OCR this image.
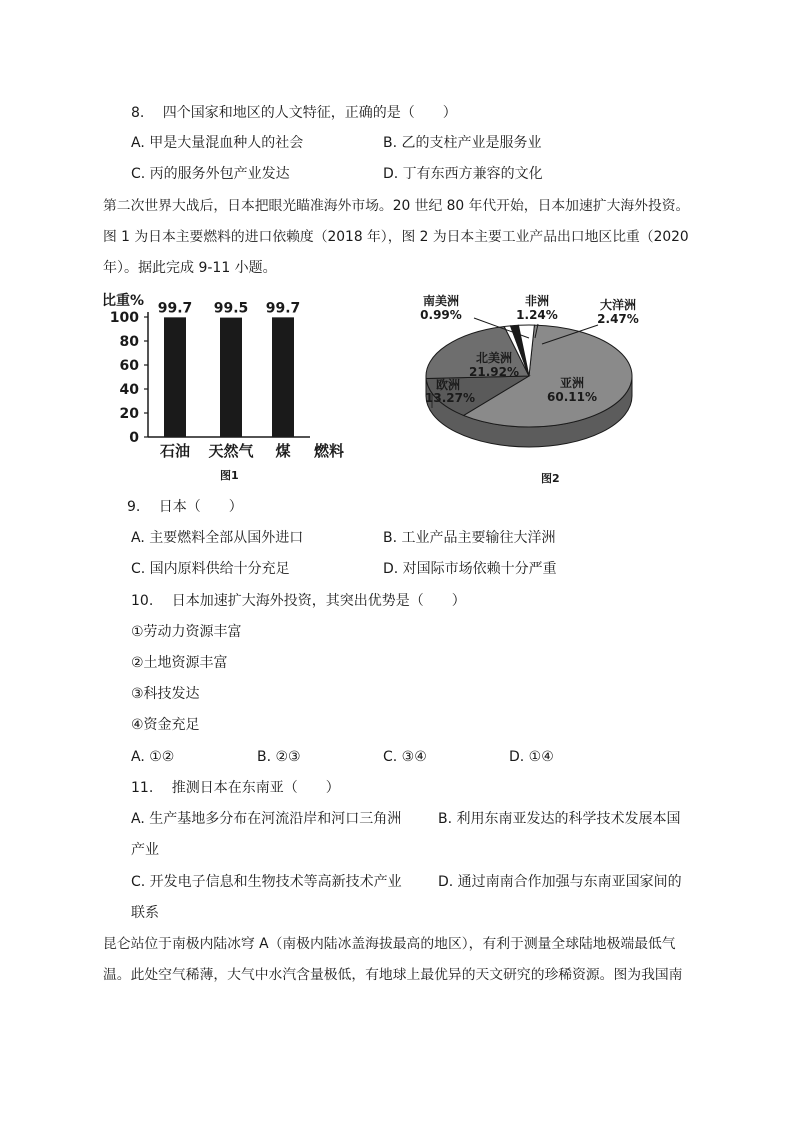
8.　 四个国家和地区的人文特征，正确的是（　　）
A. 甲是大量混血种人的社会	B. 乙的支柱产业是服务业
C. 丙的服务外包产业发达	D. 丁有东西方兼容的文化
第二次世界大战后，日本把眼光瞄准海外市场。20 世纪 80 年代开始，日本加速扩大海外投资。
图 1 为日本主要燃料的进口依赖度（2018 年），图 2 为日本主要工业产品出口地区比重（2020
年）。据此完成 9-11 小题。
比重%
100
80
60
40
20
0
99.7
石油
99.5
天然气
99.7
煤 燃料
图1
亚洲
60.11%
欧洲
13.27%
北美洲
21.92%
南美洲
0.99%
非洲
1.24%
大洋洲
2.47%
图2
9.　 日本（　　）
A. 主要燃料全部从国外进口	B. 工业产品主要输往大洋洲
C. 国内原料供给十分充足	D. 对国际市场依赖十分严重
10.　 日本加速扩大海外投资，其突出优势是（　　）
①劳动力资源丰富
②土地资源丰富
③科技发达
④资金充足
A. ①②	B. ②③	C. ③④	D. ①④
11.　 推测日本在东南亚（　　）
A. 生产基地多分布在河流沿岸和河口三角洲	B. 利用东南亚发达的科学技术发展本国
产业
C. 开发电子信息和生物技术等高新技术产业	D. 通过南南合作加强与东南亚国家间的
联系
昆仑站位于南极内陆冰穹 A（南极内陆冰盖海拔最高的地区），有利于测量全球陆地极端最低气
温。此处空气稀薄，大气中水汽含量极低，有地球上最优异的天文研究的珍稀资源。图为我国南
